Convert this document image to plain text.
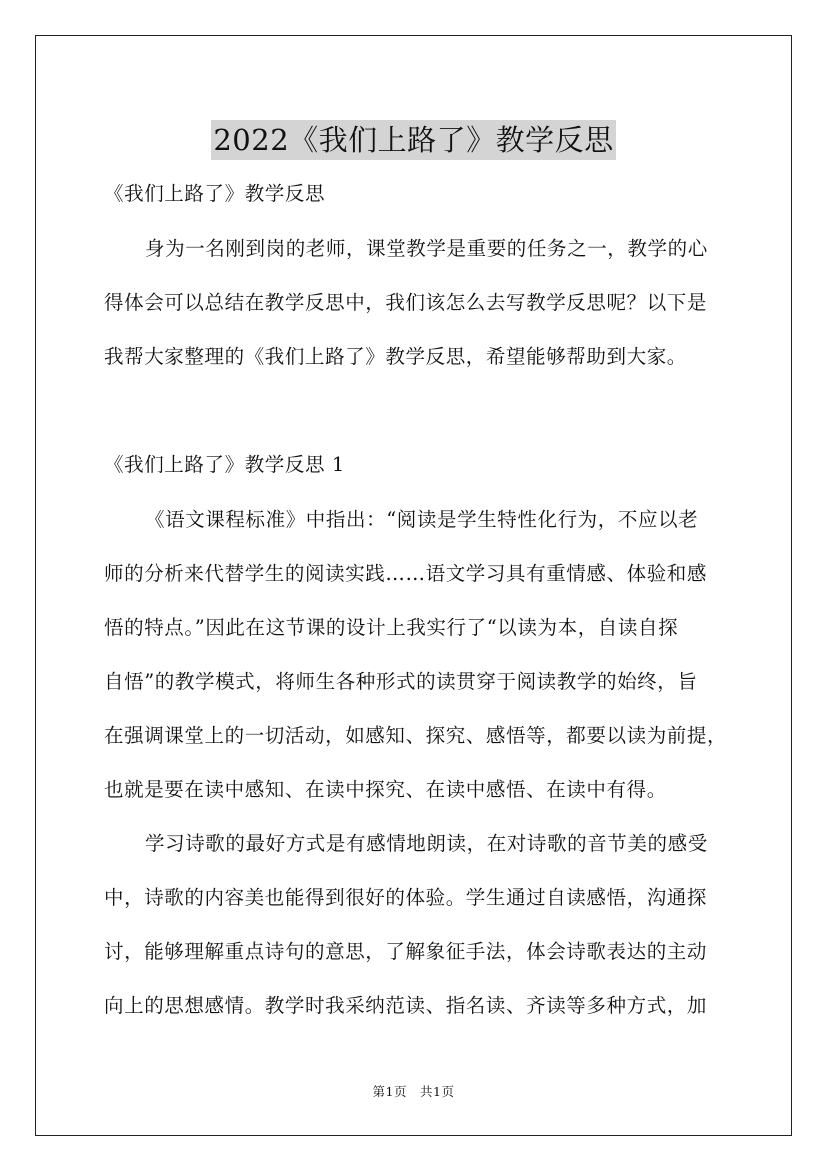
2022《我们上路了》教学反思
《我们上路了》教学反思
身为一名刚到岗的老师，课堂教学是重要的任务之一，教学的心
得体会可以总结在教学反思中，我们该怎么去写教学反思呢？以下是
我帮大家整理的《我们上路了》教学反思，希望能够帮助到大家。
《我们上路了》教学反思 1
《语文课程标准》中指出：“阅读是学生特性化行为，不应以老
师的分析来代替学生的阅读实践……语文学习具有重情感、体验和感
悟的特点。”因此在这节课的设计上我实行了“以读为本，自读自探
自悟”的教学模式，将师生各种形式的读贯穿于阅读教学的始终，旨
在强调课堂上的一切活动，如感知、探究、感悟等，都要以读为前提，
也就是要在读中感知、在读中探究、在读中感悟、在读中有得。
学习诗歌的最好方式是有感情地朗读，在对诗歌的音节美的感受
中，诗歌的内容美也能得到很好的体验。学生通过自读感悟，沟通探
讨，能够理解重点诗句的意思，了解象征手法，体会诗歌表达的主动
向上的思想感情。教学时我采纳范读、指名读、齐读等多种方式，加
第1页　共1页
